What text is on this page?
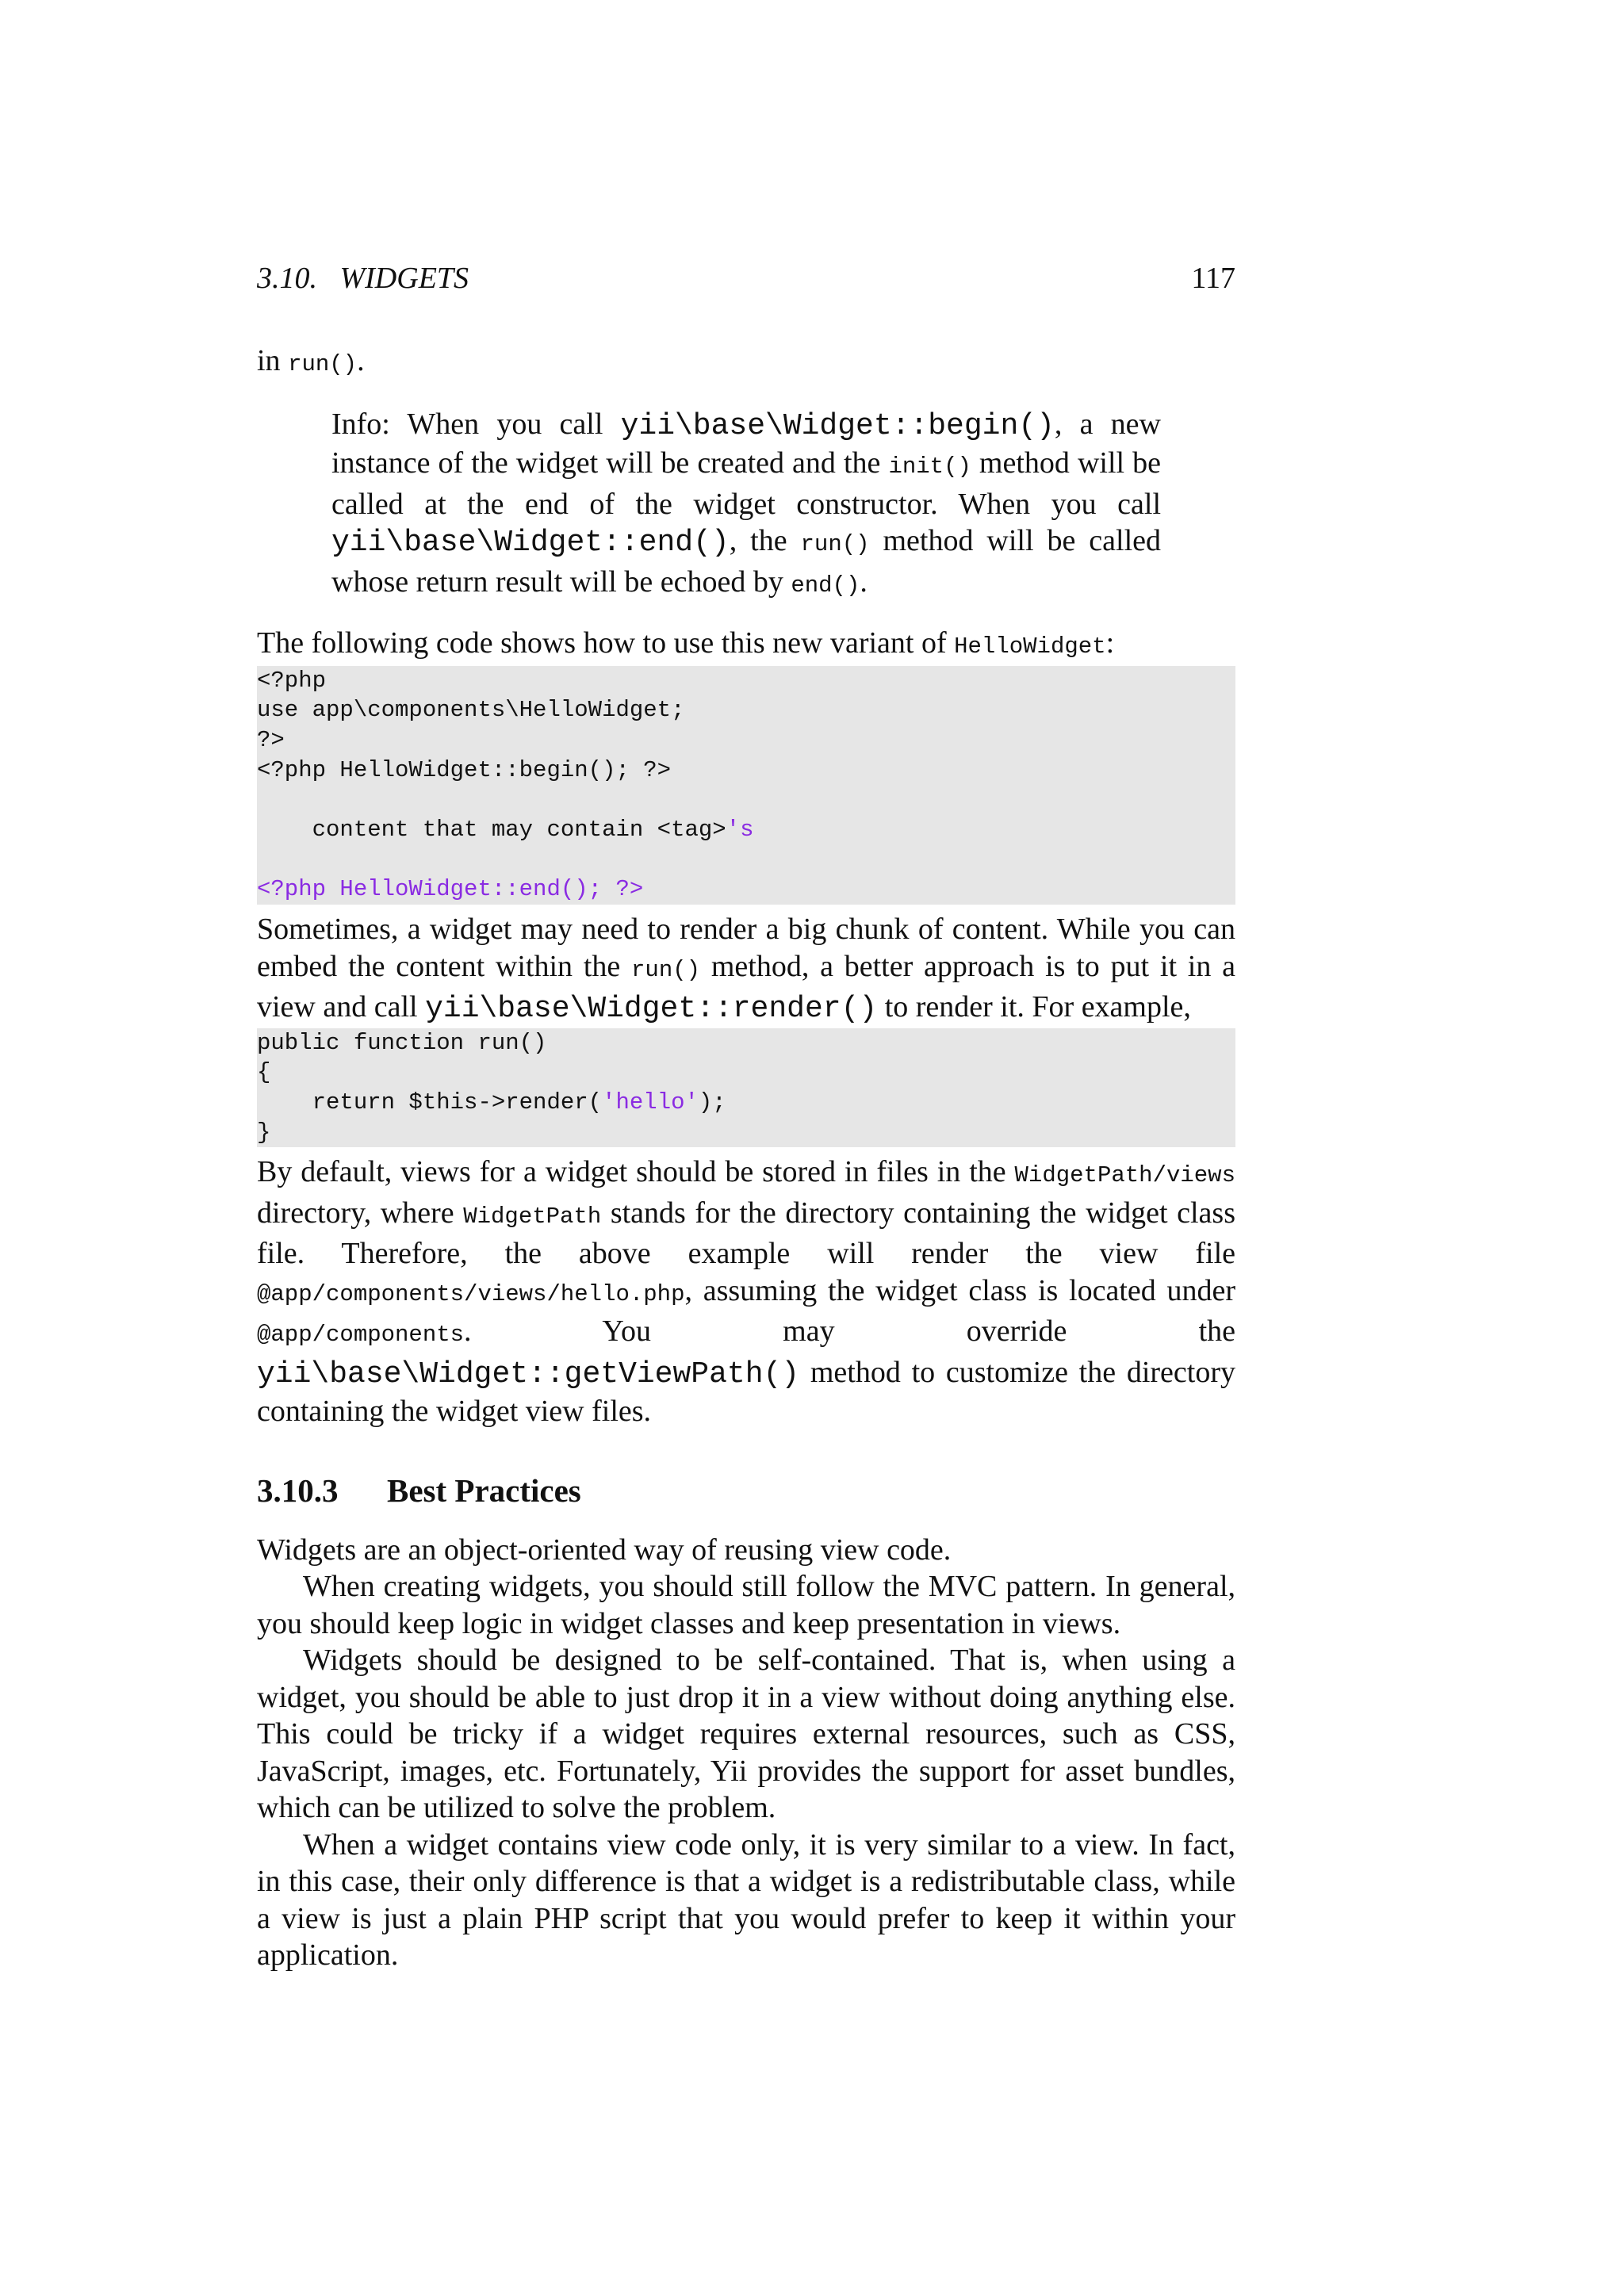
3.10.   WIDGETS	117

in run().

Info: When you call yii\base\Widget::begin(), a new instance of the widget will be created and the init() method will be called at the end of the widget constructor. When you call yii\base\Widget::end(), the run() method will be called whose return result will be echoed by end().

The following code shows how to use this new variant of HelloWidget:

<?php
use app\components\HelloWidget;
?>
<?php HelloWidget::begin(); ?>
content that may contain <tag>'s
<?php HelloWidget::end(); ?>

Sometimes, a widget may need to render a big chunk of content. While you can embed the content within the run() method, a better approach is to put it in a view and call yii\base\Widget::render() to render it. For example,

public function run()
{
return $this->render('hello');
}

By default, views for a widget should be stored in files in the WidgetPath/views directory, where WidgetPath stands for the directory containing the widget class file. Therefore, the above example will render the view file @app/components/views/hello.php, assuming the widget class is located under @app/components. You may override the yii\base\Widget::getViewPath() method to customize the directory containing the widget view files.

3.10.3 Best Practices

Widgets are an object-oriented way of reusing view code.

When creating widgets, you should still follow the MVC pattern. In general, you should keep logic in widget classes and keep presentation in views.

Widgets should be designed to be self-contained. That is, when using a widget, you should be able to just drop it in a view without doing anything else. This could be tricky if a widget requires external resources, such as CSS, JavaScript, images, etc. Fortunately, Yii provides the support for asset bundles, which can be utilized to solve the problem.

When a widget contains view code only, it is very similar to a view. In fact, in this case, their only difference is that a widget is a redistributable class, while a view is just a plain PHP script that you would prefer to keep it within your application.
